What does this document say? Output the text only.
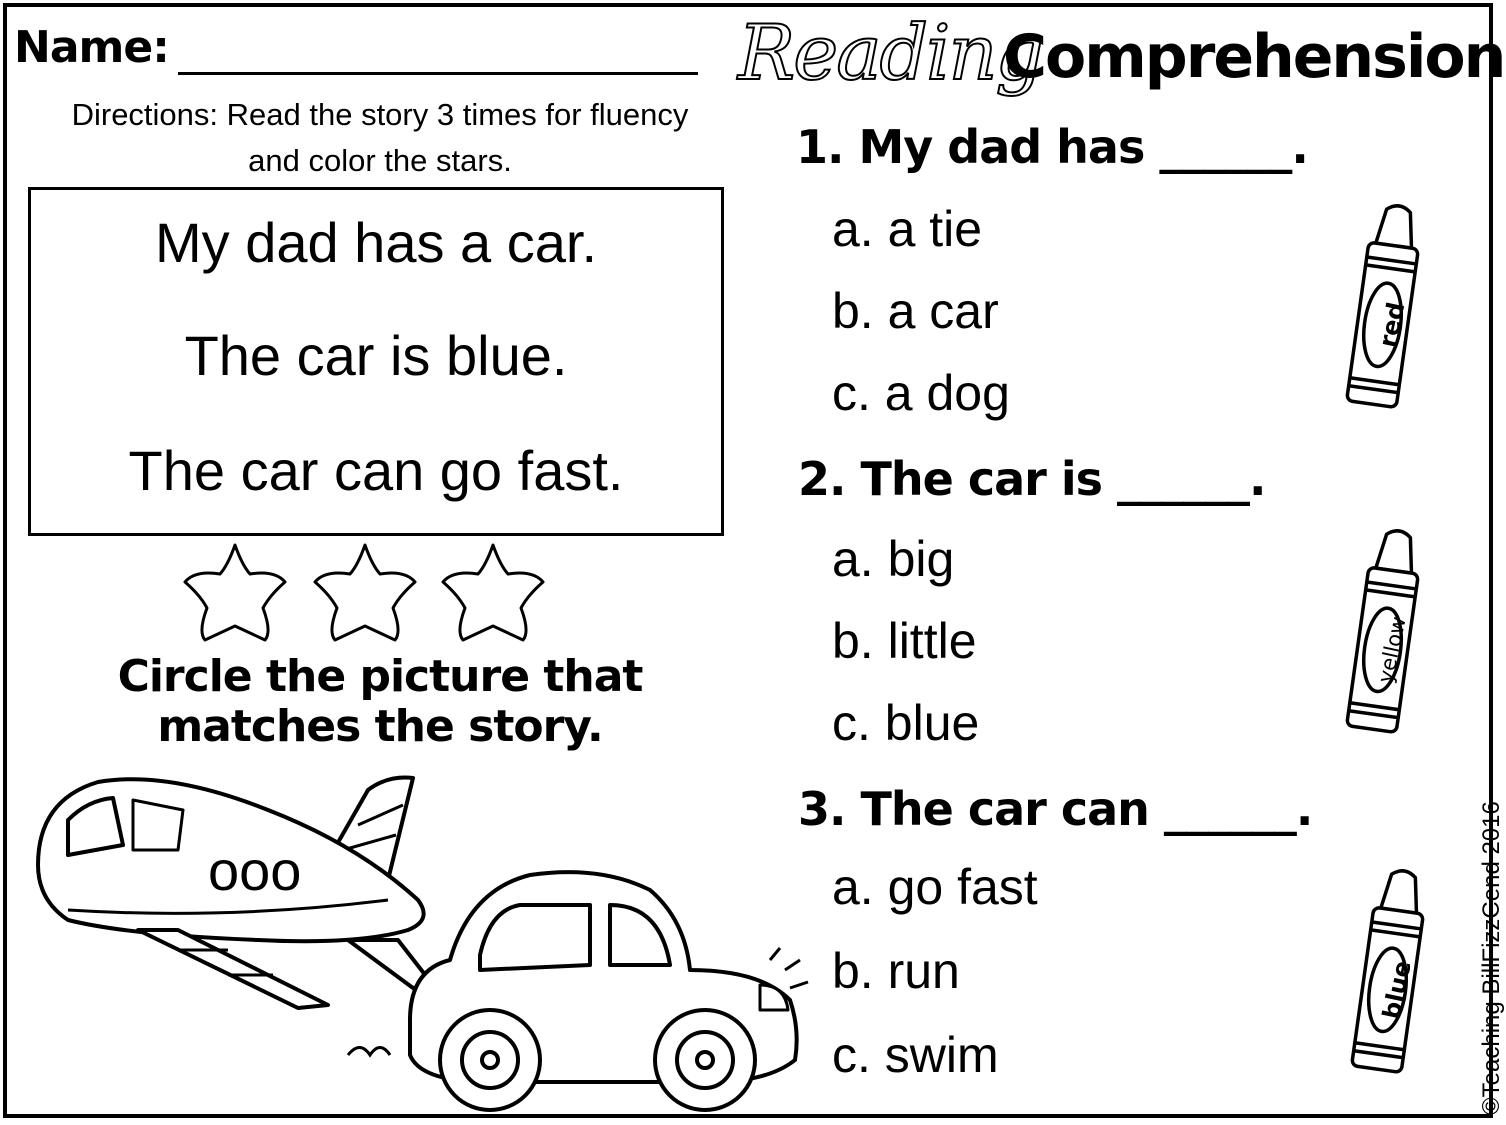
Name:	Reading
Comprehension
Directions: Read the story 3 times for fluency
and color the stars.
My dad has a car.
The car is blue.
The car can go fast.
Circle the picture that
matches the story.
ooo
1. My dad has ______.
a. a tie
b. a car
c. a dog
2. The car is ______.
a. big
b. little
c. blue
3. The car can ______.
a. go fast
b. run
c. swim
red
yellow
blue	©Teaching BillFizzCend 2016
